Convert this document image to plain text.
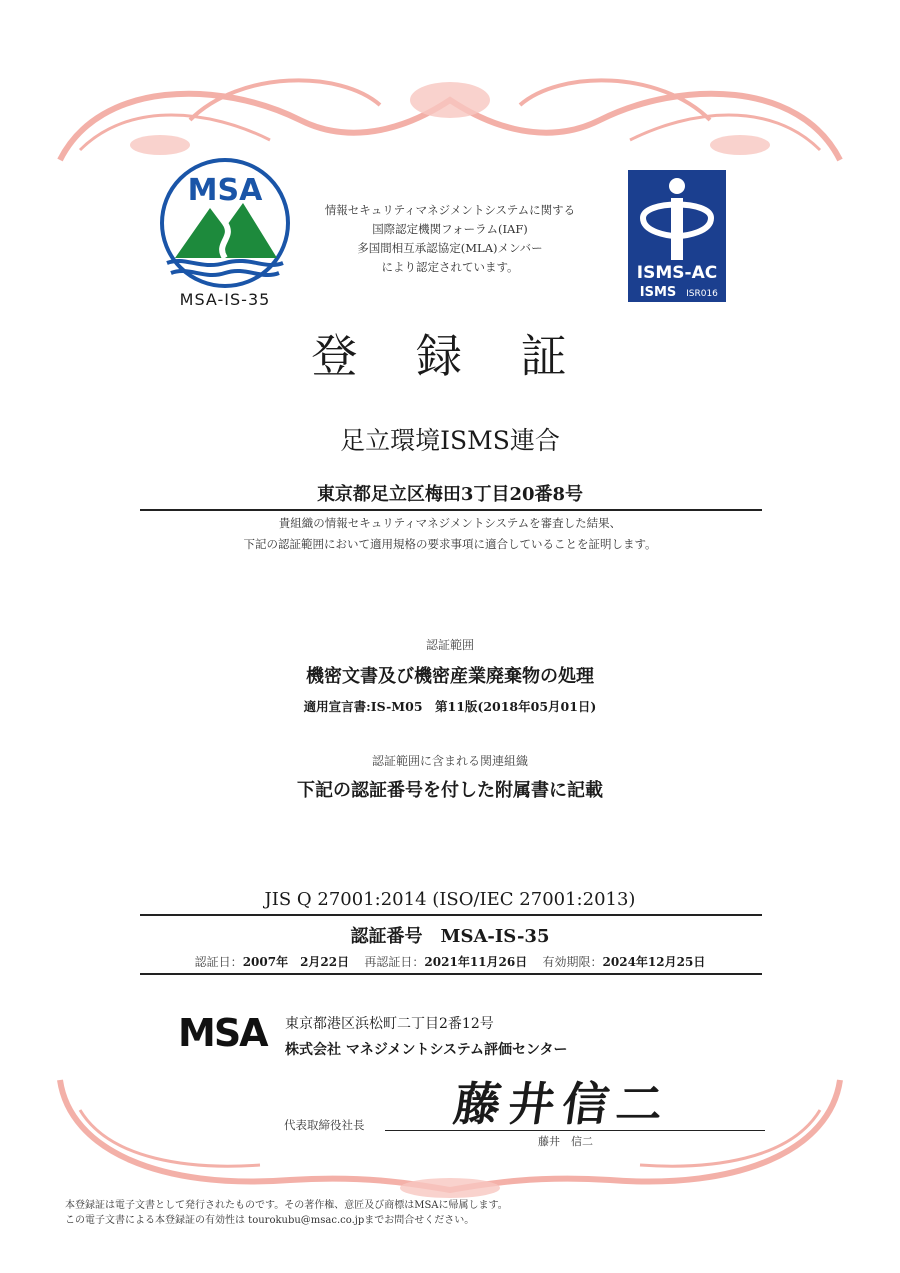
MSA
MSA-IS-35
情報セキュリティマネジメントシステムに関する
国際認定機関フォーラム(IAF)
多国間相互承認協定(MLA)メンバー
により認定されています。	ISMS-AC
ISMS ISR016
登 録 証
足立環境ISMS連合
東京都足立区梅田3丁目20番8号
貴組織の情報セキュリティマネジメントシステムを審査した結果、
下記の認証範囲において適用規格の要求事項に適合していることを証明します。
認証範囲
機密文書及び機密産業廃棄物の処理
適用宣言書:IS-M05　第11版(2018年05月01日)
認証範囲に含まれる関連組織
下記の認証番号を付した附属書に記載
JIS Q 27001:2014 (ISO/IEC 27001:2013)
認証番号　MSA-IS-35
認証日：2007年　2月22日 再認証日：2021年11月26日 有効期限：2024年12月25日
MSA 東京都港区浜松町二丁目2番12号
株式会社 マネジメントシステム評価センター
代表取締役社長 藤井信二
藤井　信二
本登録証は電子文書として発行されたものです。その著作権、意匠及び商標はMSAに帰属します。
この電子文書による本登録証の有効性は tourokubu@msac.co.jpまでお問合せください。
